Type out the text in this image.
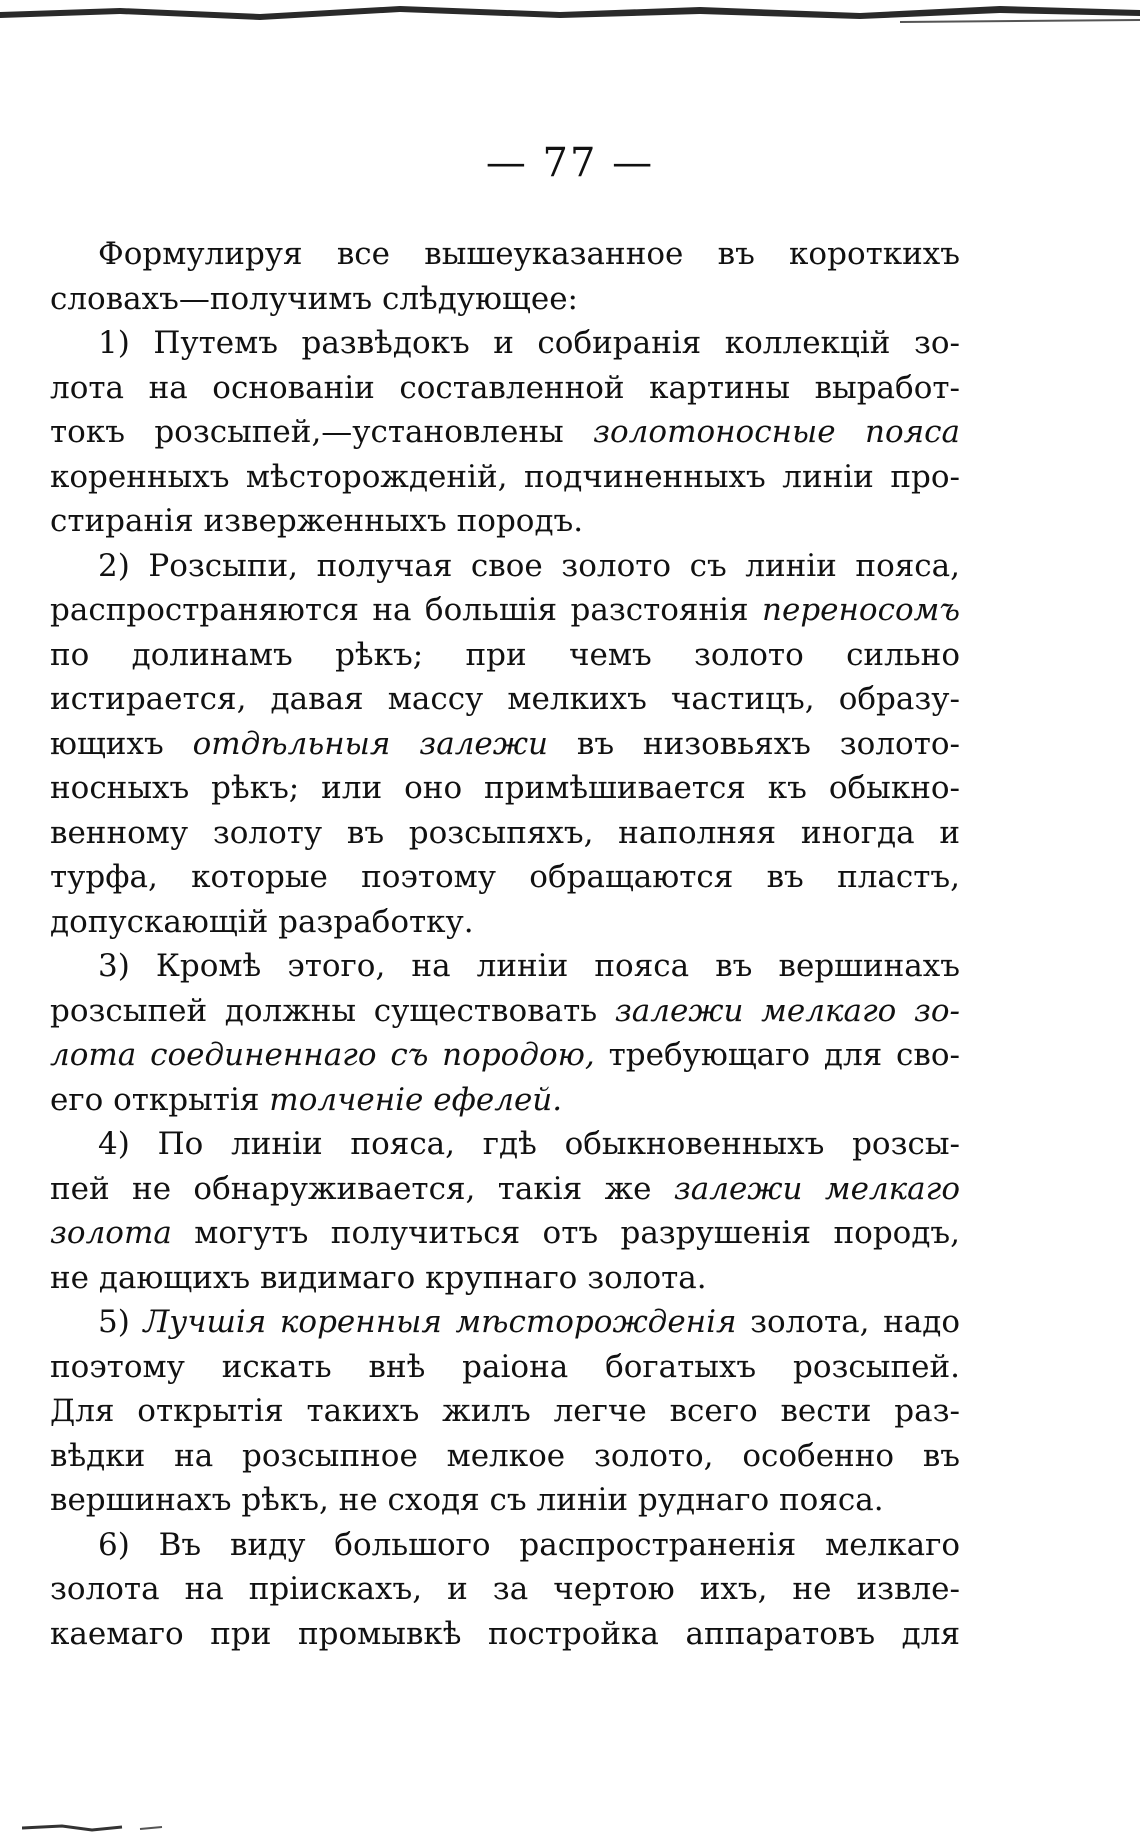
— 77 —
Формулируя все вышеуказанное въ короткихъ
словахъ—получимъ слѣдующее:
1) Путемъ развѣдокъ и собиранія коллекцій зо-
лота на основаніи составленной картины выработ-
токъ розсыпей,—установлены золотоносные пояса
коренныхъ мѣсторожденій, подчиненныхъ линіи про-
стиранія изверженныхъ породъ.
2) Розсыпи, получая свое золото съ линіи пояса,
распространяются на большія разстоянія переносомъ
по долинамъ рѣкъ; при чемъ золото сильно
истирается, давая массу мелкихъ частицъ, образу-
ющихъ отдѣльныя залежи въ низовьяхъ золото-
носныхъ рѣкъ; или оно примѣшивается къ обыкно-
венному золоту въ розсыпяхъ, наполняя иногда и
турфа, которые поэтому обращаются въ пластъ,
допускающій разработку.
3) Кромѣ этого, на линіи пояса въ вершинахъ
розсыпей должны существовать залежи мелкаго зо-
лота соединеннаго съ породою, требующаго для сво-
его открытія толченіе ефелей.
4) По линіи пояса, гдѣ обыкновенныхъ розсы-
пей не обнаруживается, такія же залежи мелкаго
золота могутъ получиться отъ разрушенія породъ,
не дающихъ видимаго крупнаго золота.
5) Лучшія коренныя мѣсторожденія золота, надо
поэтому искать внѣ раіона богатыхъ розсыпей.
Для открытія такихъ жилъ легче всего вести раз-
вѣдки на розсыпное мелкое золото, особенно въ
вершинахъ рѣкъ, не сходя съ линіи руднаго пояса.
6) Въ виду большого распространенія мелкаго
золота на пріискахъ, и за чертою ихъ, не извле-
каемаго при промывкѣ постройка аппаратовъ для
